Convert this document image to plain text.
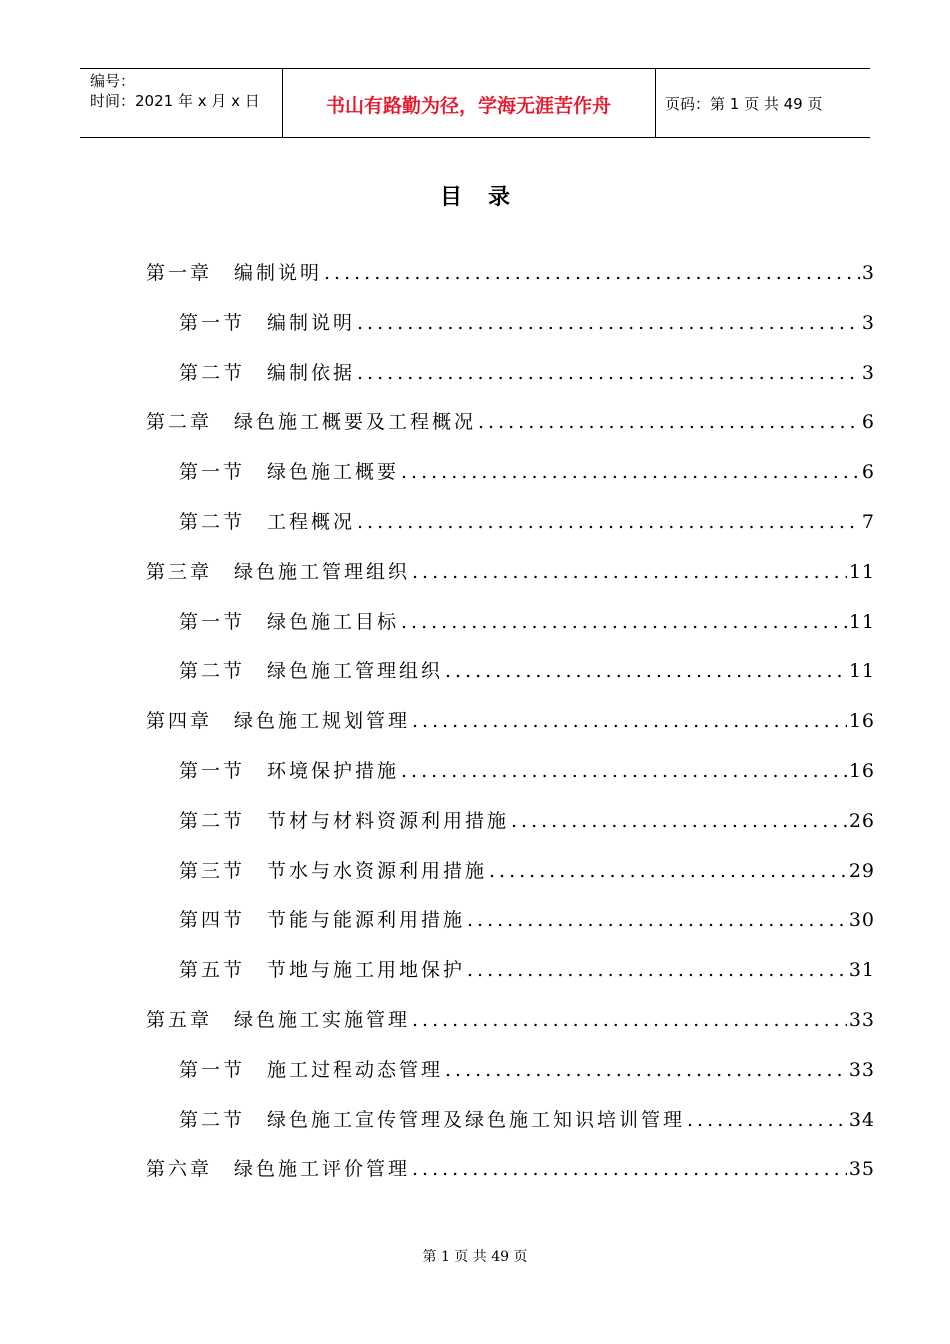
编号：
时间：2021 年 x 月 x 日	书山有路勤为径，学海无涯苦作舟	页码：第 1 页 共 49 页
目录
第一章	编制说明 .....	3
第一节	编制说明 .....	3
第二节	编制依据 .....	3
第二章	绿色施工概要及工程概况 .....	6
第一节	绿色施工概要 .....	6
第二节	工程概况 .....	7
第三章	绿色施工管理组织 .....	11
第一节	绿色施工目标 .....	11
第二节	绿色施工管理组织 .....	11
第四章	绿色施工规划管理 .....	16
第一节	环境保护措施 .....	16
第二节	节材与材料资源利用措施 .....	26
第三节	节水与水资源利用措施 .....	29
第四节	节能与能源利用措施 .....	30
第五节	节地与施工用地保护 .....	31
第五章	绿色施工实施管理 .....	33
第一节	施工过程动态管理 .....	33
第二节	绿色施工宣传管理及绿色施工知识培训管理 .....	34
第六章	绿色施工评价管理 .....	35
第 1 页 共 49 页
